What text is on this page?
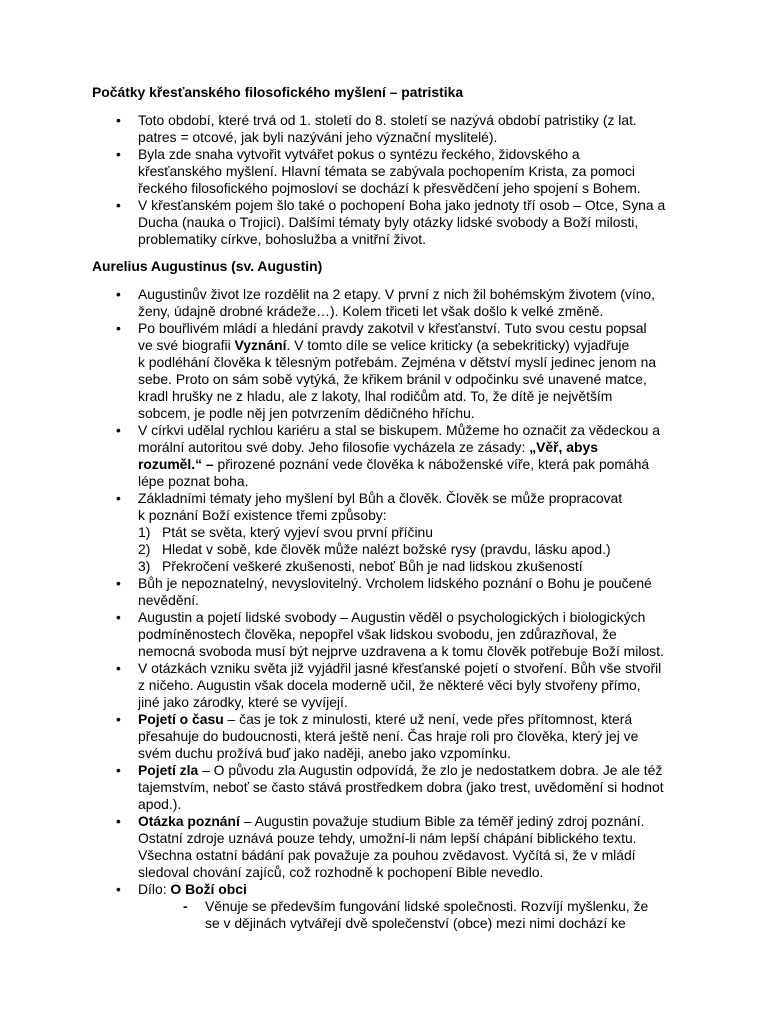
Počátky křesťanského filosofického myšlení – patristika
• Toto období, které trvá od 1. století do 8. století se nazývá období patristiky (z lat.
patres = otcové, jak byli nazýváni jeho význační myslitelé).
• Byla zde snaha vytvořit vytvářet pokus o syntézu řeckého, židovského a
křesťanského myšlení. Hlavní témata se zabývala pochopením Krista, za pomoci
řeckého filosofického pojmosloví se dochází k přesvědčení jeho spojení s Bohem.
• V křesťanském pojem šlo také o pochopení Boha jako jednoty tří osob – Otce, Syna a
Ducha (nauka o Trojici). Dalšími tématy byly otázky lidské svobody a Boží milosti,
problematiky církve, bohoslužba a vnitřní život.
Aurelius Augustinus (sv. Augustin)
• Augustinův život lze rozdělit na 2 etapy. V první z nich žil bohémským životem (víno,
ženy, údajně drobné krádeže…). Kolem třiceti let však došlo k velké změně.
• Po bouřlivém mládí a hledání pravdy zakotvil v křesťanství. Tuto svou cestu popsal
ve své biografii Vyznání. V tomto díle se velice kriticky (a sebekriticky) vyjadřuje
k podléhání člověka k tělesným potřebám. Zejména v dětství myslí jedinec jenom na
sebe. Proto on sám sobě vytýká, že křikem bránil v odpočinku své unavené matce,
kradl hrušky ne z hladu, ale z lakoty, lhal rodičům atd. To, že dítě je největším
sobcem, je podle něj jen potvrzením dědičného hříchu.
• V církvi udělal rychlou kariéru a stal se biskupem. Můžeme ho označit za vědeckou a
morální autoritou své doby. Jeho filosofie vycházela ze zásady: „Věř, abys
rozuměl.“ – přirozené poznání vede člověka k náboženské víře, která pak pomáhá
lépe poznat boha.
• Základními tématy jeho myšlení byl Bůh a člověk. Člověk se může propracovat
k poznání Boží existence třemi způsoby:
1) Ptát se světa, který vyjeví svou první příčinu
2) Hledat v sobě, kde člověk může nalézt božské rysy (pravdu, lásku apod.)
3) Překročení veškeré zkušenosti, neboť Bůh je nad lidskou zkušeností
• Bůh je nepoznatelný, nevyslovitelný. Vrcholem lidského poznání o Bohu je poučené
nevědění.
• Augustin a pojetí lidské svobody – Augustin věděl o psychologických i biologických
podmíněnostech člověka, nepopřel však lidskou svobodu, jen zdůrazňoval, že
nemocná svoboda musí být nejprve uzdravena a k tomu člověk potřebuje Boží milost.
• V otázkách vzniku světa již vyjádřil jasné křesťanské pojetí o stvoření. Bůh vše stvořil
z ničeho. Augustin však docela moderně učil, že některé věci byly stvořeny přímo,
jiné jako zárodky, které se vyvíjejí.
• Pojetí o času – čas je tok z minulosti, které už není, vede přes přítomnost, která
přesahuje do budoucnosti, která ještě není. Čas hraje roli pro člověka, který jej ve
svém duchu prožívá buď jako naději, anebo jako vzpomínku.
• Pojetí zla – O původu zla Augustin odpovídá, že zlo je nedostatkem dobra. Je ale též
tajemstvím, neboť se často stává prostředkem dobra (jako trest, uvědomění si hodnot
apod.).
• Otázka poznání – Augustin považuje studium Bible za téměř jediný zdroj poznání.
Ostatní zdroje uznává pouze tehdy, umožní-li nám lepší chápání biblického textu.
Všechna ostatní bádání pak považuje za pouhou zvědavost. Vyčítá si, že v mládí
sledoval chování zajíců, což rozhodně k pochopení Bible nevedlo.
• Dílo: O Boží obci
- Věnuje se především fungování lidské společnosti. Rozvíjí myšlenku, že
se v dějinách vytvářejí dvě společenství (obce) mezi nimi dochází ke
